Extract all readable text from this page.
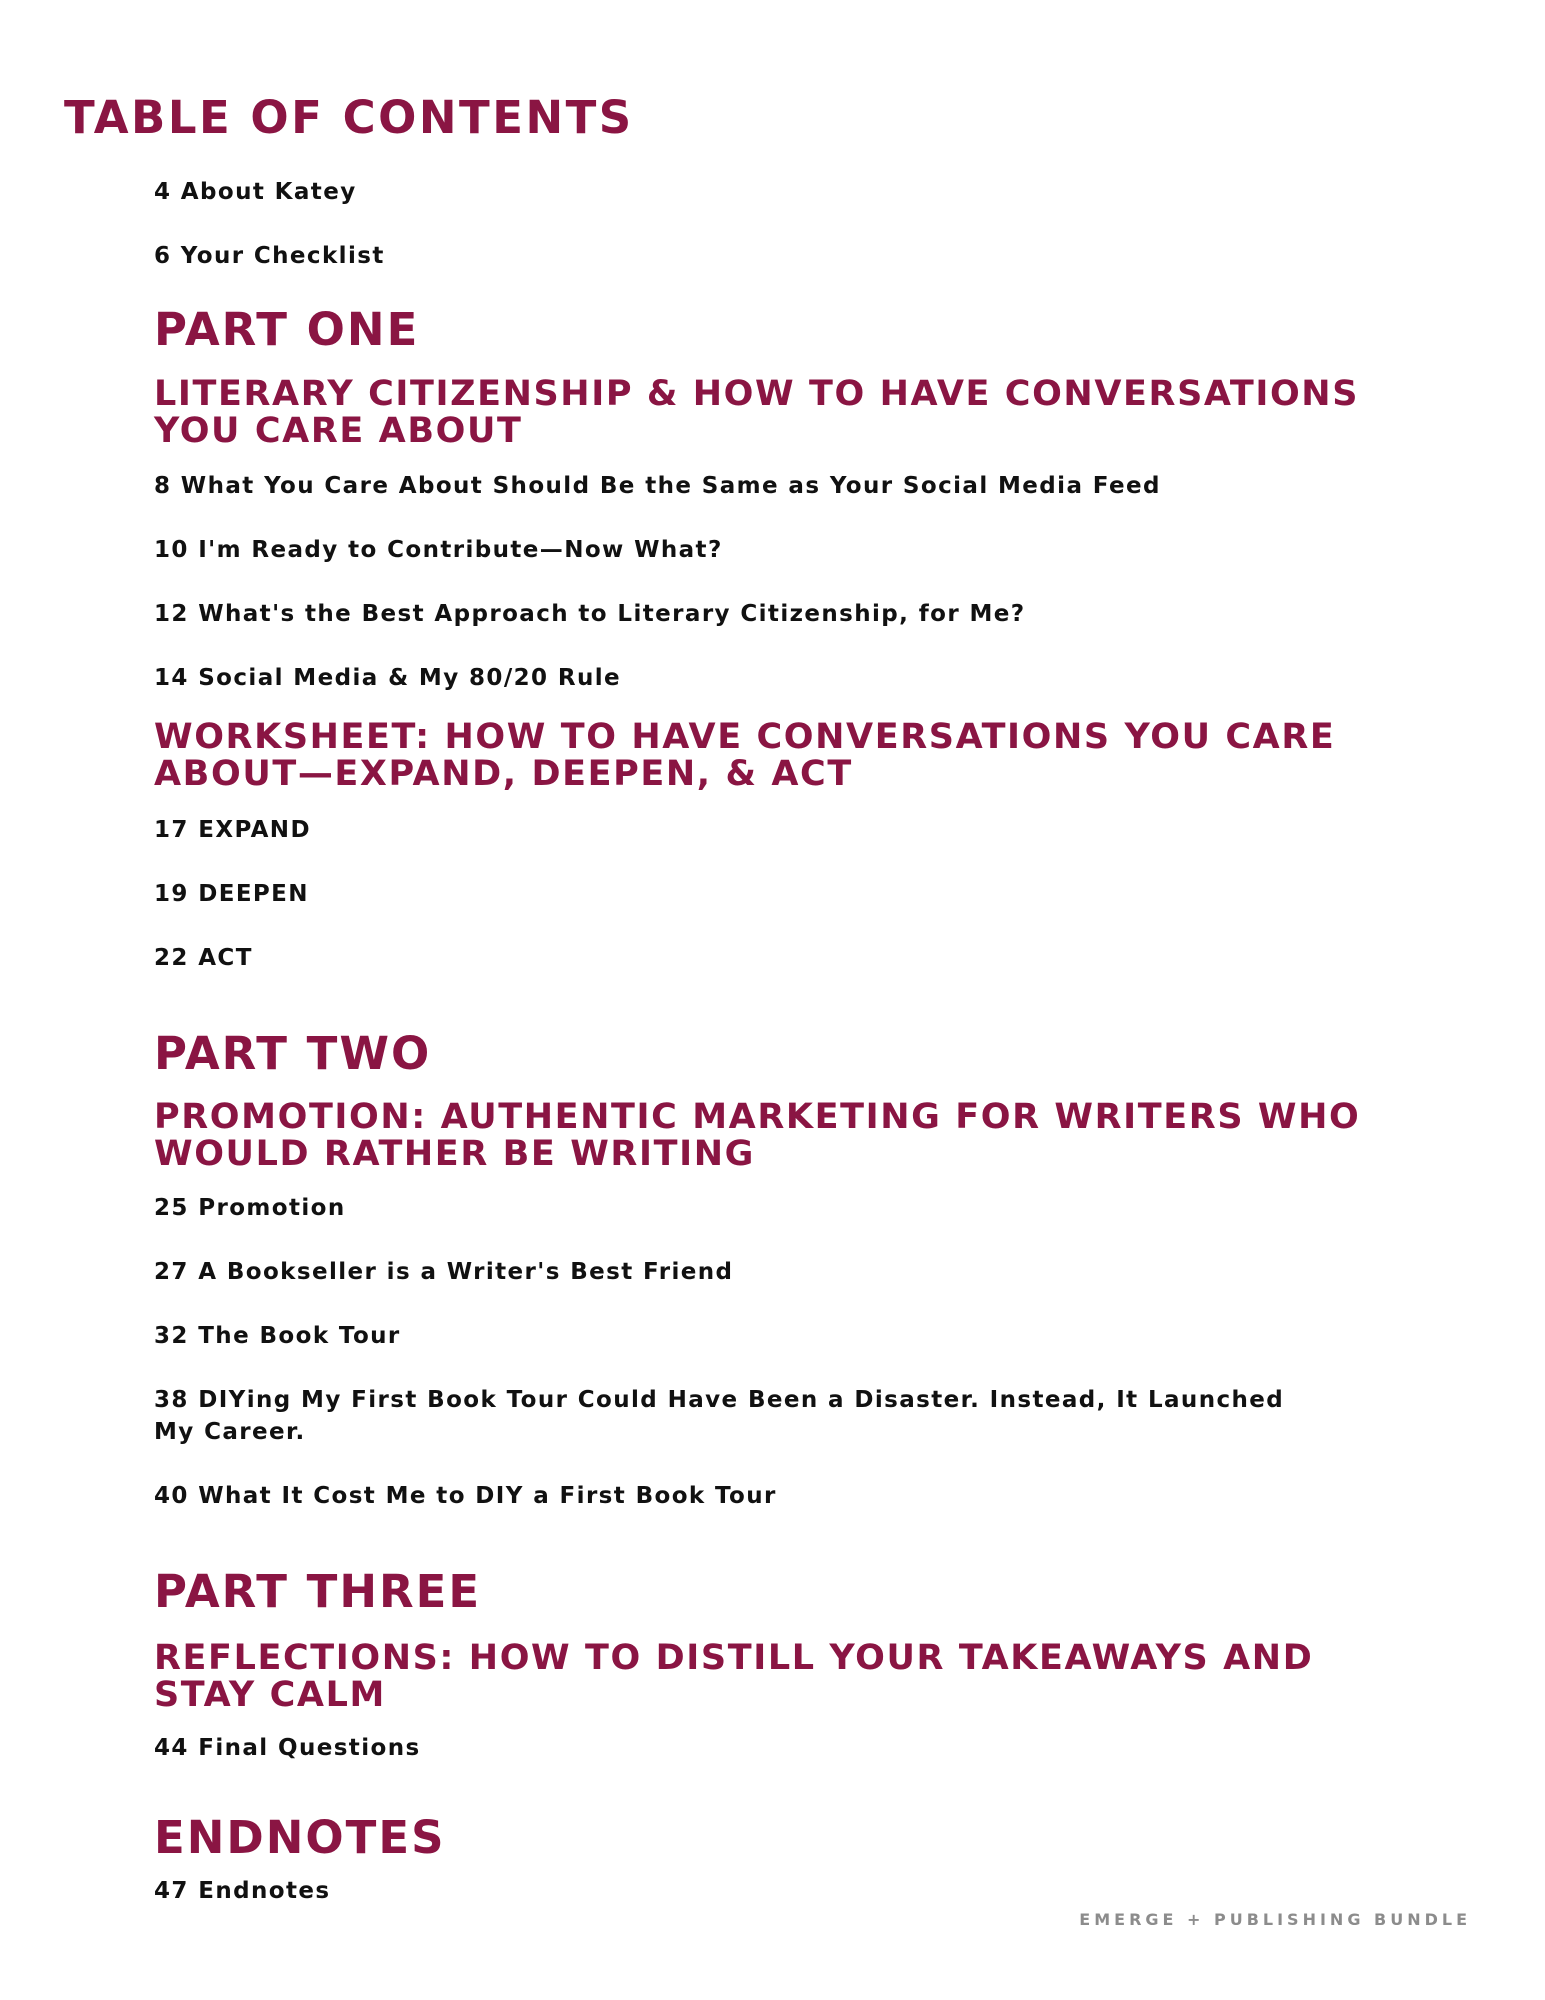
TABLE OF CONTENTS

4 About Katey

6 Your Checklist

PART ONE
LITERARY CITIZENSHIP & HOW TO HAVE CONVERSATIONS YOU CARE ABOUT

8 What You Care About Should Be the Same as Your Social Media Feed

10 I'm Ready to Contribute—Now What?

12 What's the Best Approach to Literary Citizenship, for Me?

14 Social Media & My 80/20 Rule

WORKSHEET: HOW TO HAVE CONVERSATIONS YOU CARE ABOUT—EXPAND, DEEPEN, & ACT

17 EXPAND

19 DEEPEN

22 ACT

PART TWO
PROMOTION: AUTHENTIC MARKETING FOR WRITERS WHO WOULD RATHER BE WRITING

25 Promotion

27 A Bookseller is a Writer's Best Friend

32 The Book Tour

38 DIYing My First Book Tour Could Have Been a Disaster. Instead, It Launched My Career.

40 What It Cost Me to DIY a First Book Tour

PART THREE
REFLECTIONS: HOW TO DISTILL YOUR TAKEAWAYS AND STAY CALM

44 Final Questions

ENDNOTES

47 Endnotes

EMERGE + PUBLISHING BUNDLE
